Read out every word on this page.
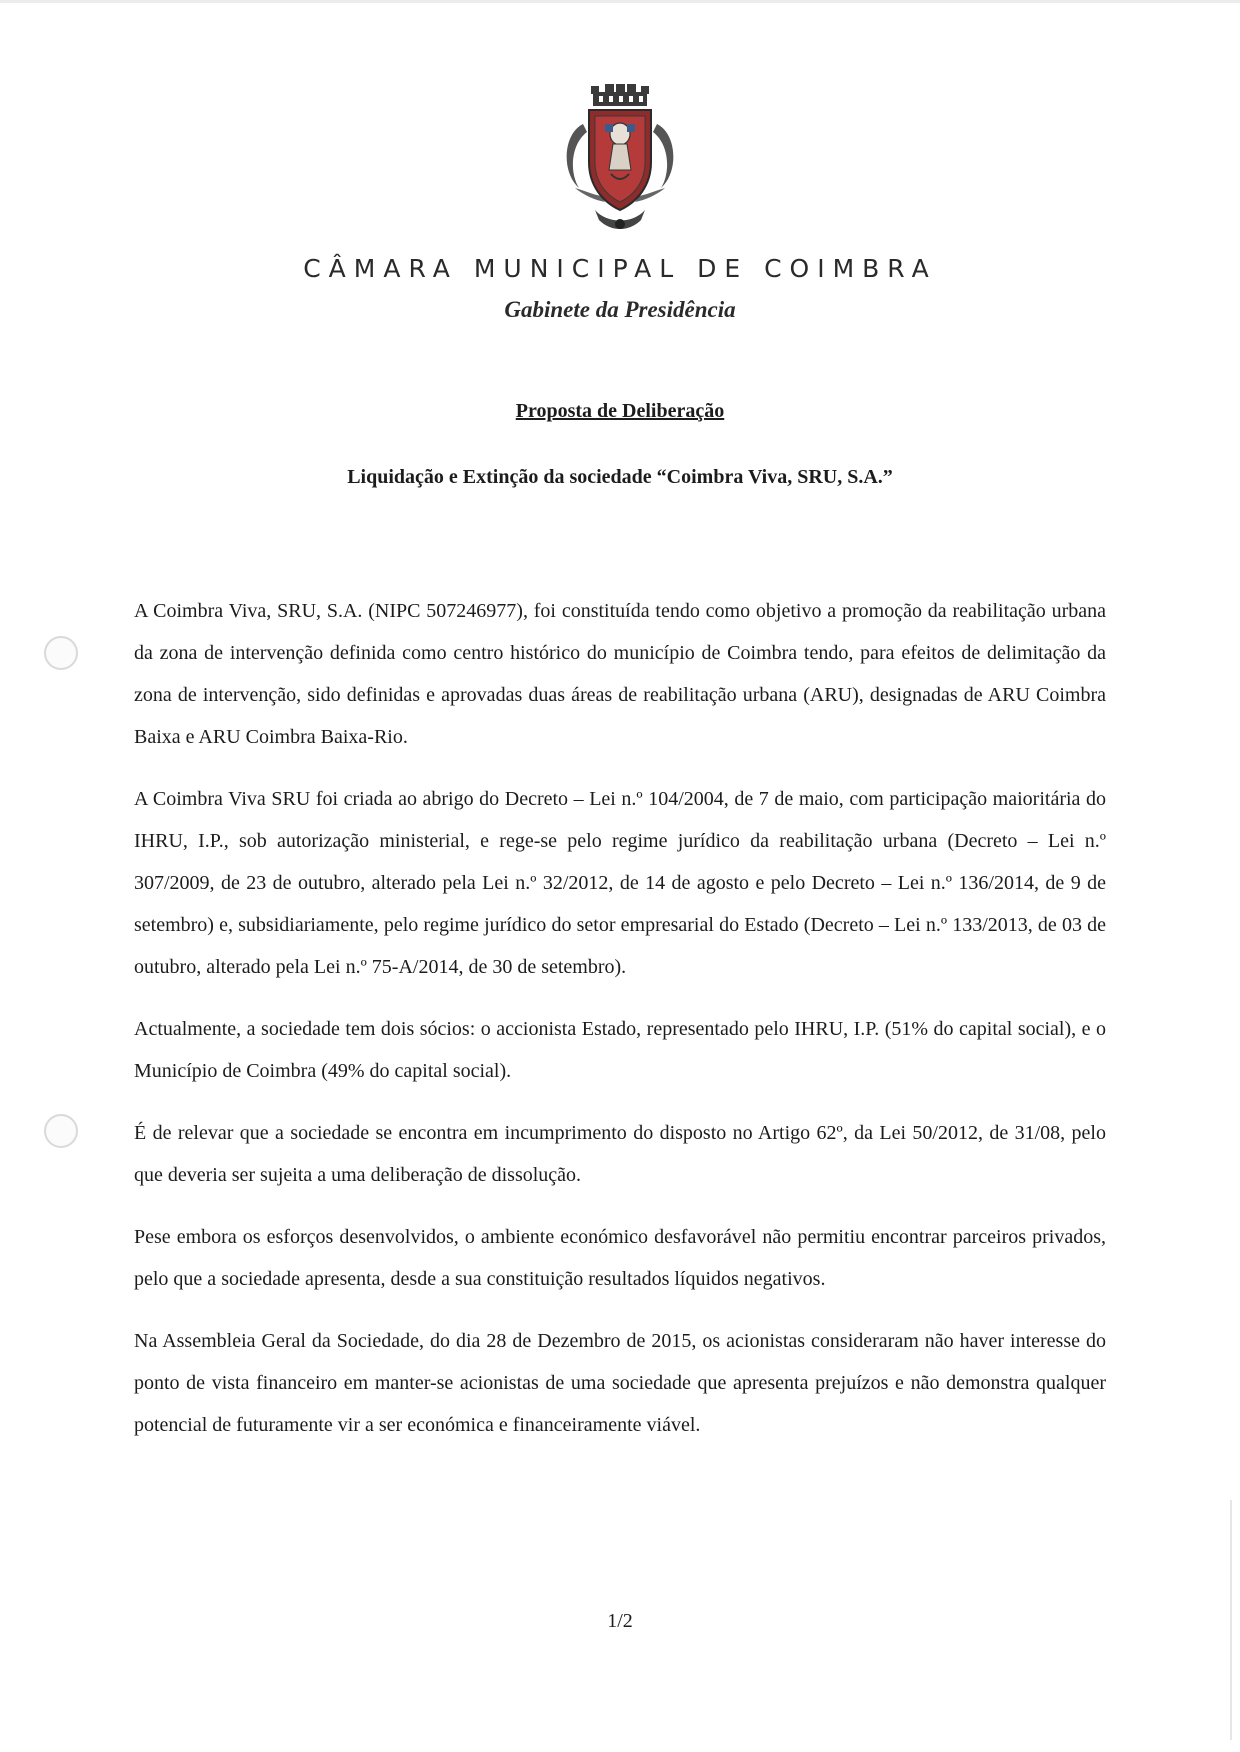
CÂMARA MUNICIPAL DE COIMBRA
Gabinete da Presidência
Proposta de Deliberação
Liquidação e Extinção da sociedade “Coimbra Viva, SRU, S.A.”

A Coimbra Viva, SRU, S.A. (NIPC 507246977), foi constituída tendo como objetivo a promoção da reabilitação urbana da zona de intervenção definida como centro histórico do município de Coimbra tendo, para efeitos de delimitação da zona de intervenção, sido definidas e aprovadas duas áreas de reabilitação urbana (ARU), designadas de ARU Coimbra Baixa e ARU Coimbra Baixa-Rio.

A Coimbra Viva SRU foi criada ao abrigo do Decreto – Lei n.º 104/2004, de 7 de maio, com participação maioritária do IHRU, I.P., sob autorização ministerial, e rege-se pelo regime jurídico da reabilitação urbana (Decreto – Lei n.º 307/2009, de 23 de outubro, alterado pela Lei n.º 32/2012, de 14 de agosto e pelo Decreto – Lei n.º 136/2014, de 9 de setembro) e, subsidiariamente, pelo regime jurídico do setor empresarial do Estado (Decreto – Lei n.º 133/2013, de 03 de outubro, alterado pela Lei n.º 75-A/2014, de 30 de setembro).

Actualmente, a sociedade tem dois sócios: o accionista Estado, representado pelo IHRU, I.P. (51% do capital social), e o Município de Coimbra (49% do capital social).

É de relevar que a sociedade se encontra em incumprimento do disposto no Artigo 62º, da Lei 50/2012, de 31/08, pelo que deveria ser sujeita a uma deliberação de dissolução.

Pese embora os esforços desenvolvidos, o ambiente económico desfavorável não permitiu encontrar parceiros privados, pelo que a sociedade apresenta, desde a sua constituição resultados líquidos negativos.

Na Assembleia Geral da Sociedade, do dia 28 de Dezembro de 2015, os acionistas consideraram não haver interesse do ponto de vista financeiro em manter-se acionistas de uma sociedade que apresenta prejuízos e não demonstra qualquer potencial de futuramente vir a ser económica e financeiramente viável.

1/2
